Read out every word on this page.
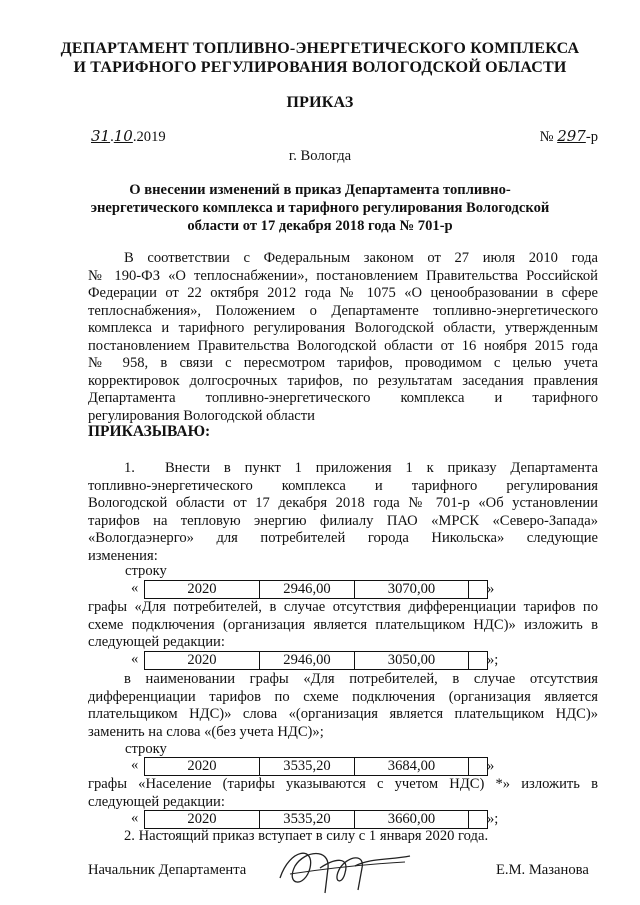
ДЕПАРТАМЕНТ ТОПЛИВНО-ЭНЕРГЕТИЧЕСКОГО КОМПЛЕКСА
И ТАРИФНОГО РЕГУЛИРОВАНИЯ ВОЛОГОДСКОЙ ОБЛАСТИ
ПРИКАЗ
31.10.2019	№ 297-р
г. Вологда
О внесении изменений в приказ Департамента топливно-
энергетического комплекса и тарифного регулирования Вологодской
области от 17 декабря 2018 года № 701-р
В соответствии с Федеральным законом от 27 июля 2010 года
№ 190-ФЗ «О теплоснабжении», постановлением Правительства Российской
Федерации от 22 октября 2012 года № 1075 «О ценообразовании в сфере
теплоснабжения», Положением о Департаменте топливно-энергетического
комплекса и тарифного регулирования Вологодской области, утвержденным
постановлением Правительства Вологодской области от 16 ноября 2015 года
№ 958, в связи с пересмотром тарифов, проводимом с целью учета
корректировок долгосрочных тарифов, по результатам заседания правления
Департамента топливно-энергетического комплекса и тарифного
регулирования Вологодской области
ПРИКАЗЫВАЮ:
1. Внести в пункт 1 приложения 1 к приказу Департамента
топливно-энергетического комплекса и тарифного регулирования
Вологодской области от 17 декабря 2018 года № 701-р «Об установлении
тарифов на тепловую энергию филиалу ПАО «МРСК «Северо-Запада»
«Вологдаэнерго» для потребителей города Никольска» следующие
изменения:
строку
«	2020	2946,00	3070,00		»
графы «Для потребителей, в случае отсутствия дифференциации тарифов по
схеме подключения (организация является плательщиком НДС)» изложить в
следующей редакции:
«	2020	2946,00	3050,00		»;
в наименовании графы «Для потребителей, в случае отсутствия
дифференциации тарифов по схеме подключения (организация является
плательщиком НДС)» слова «(организация является плательщиком НДС)»
заменить на слова «(без учета НДС)»;
строку
«	2020	3535,20	3684,00		»
графы «Население (тарифы указываются с учетом НДС) *» изложить в
следующей редакции:
«	2020	3535,20	3660,00		»;
2. Настоящий приказ вступает в силу с 1 января 2020 года.
Начальник Департамента	Е.М. Мазанова
